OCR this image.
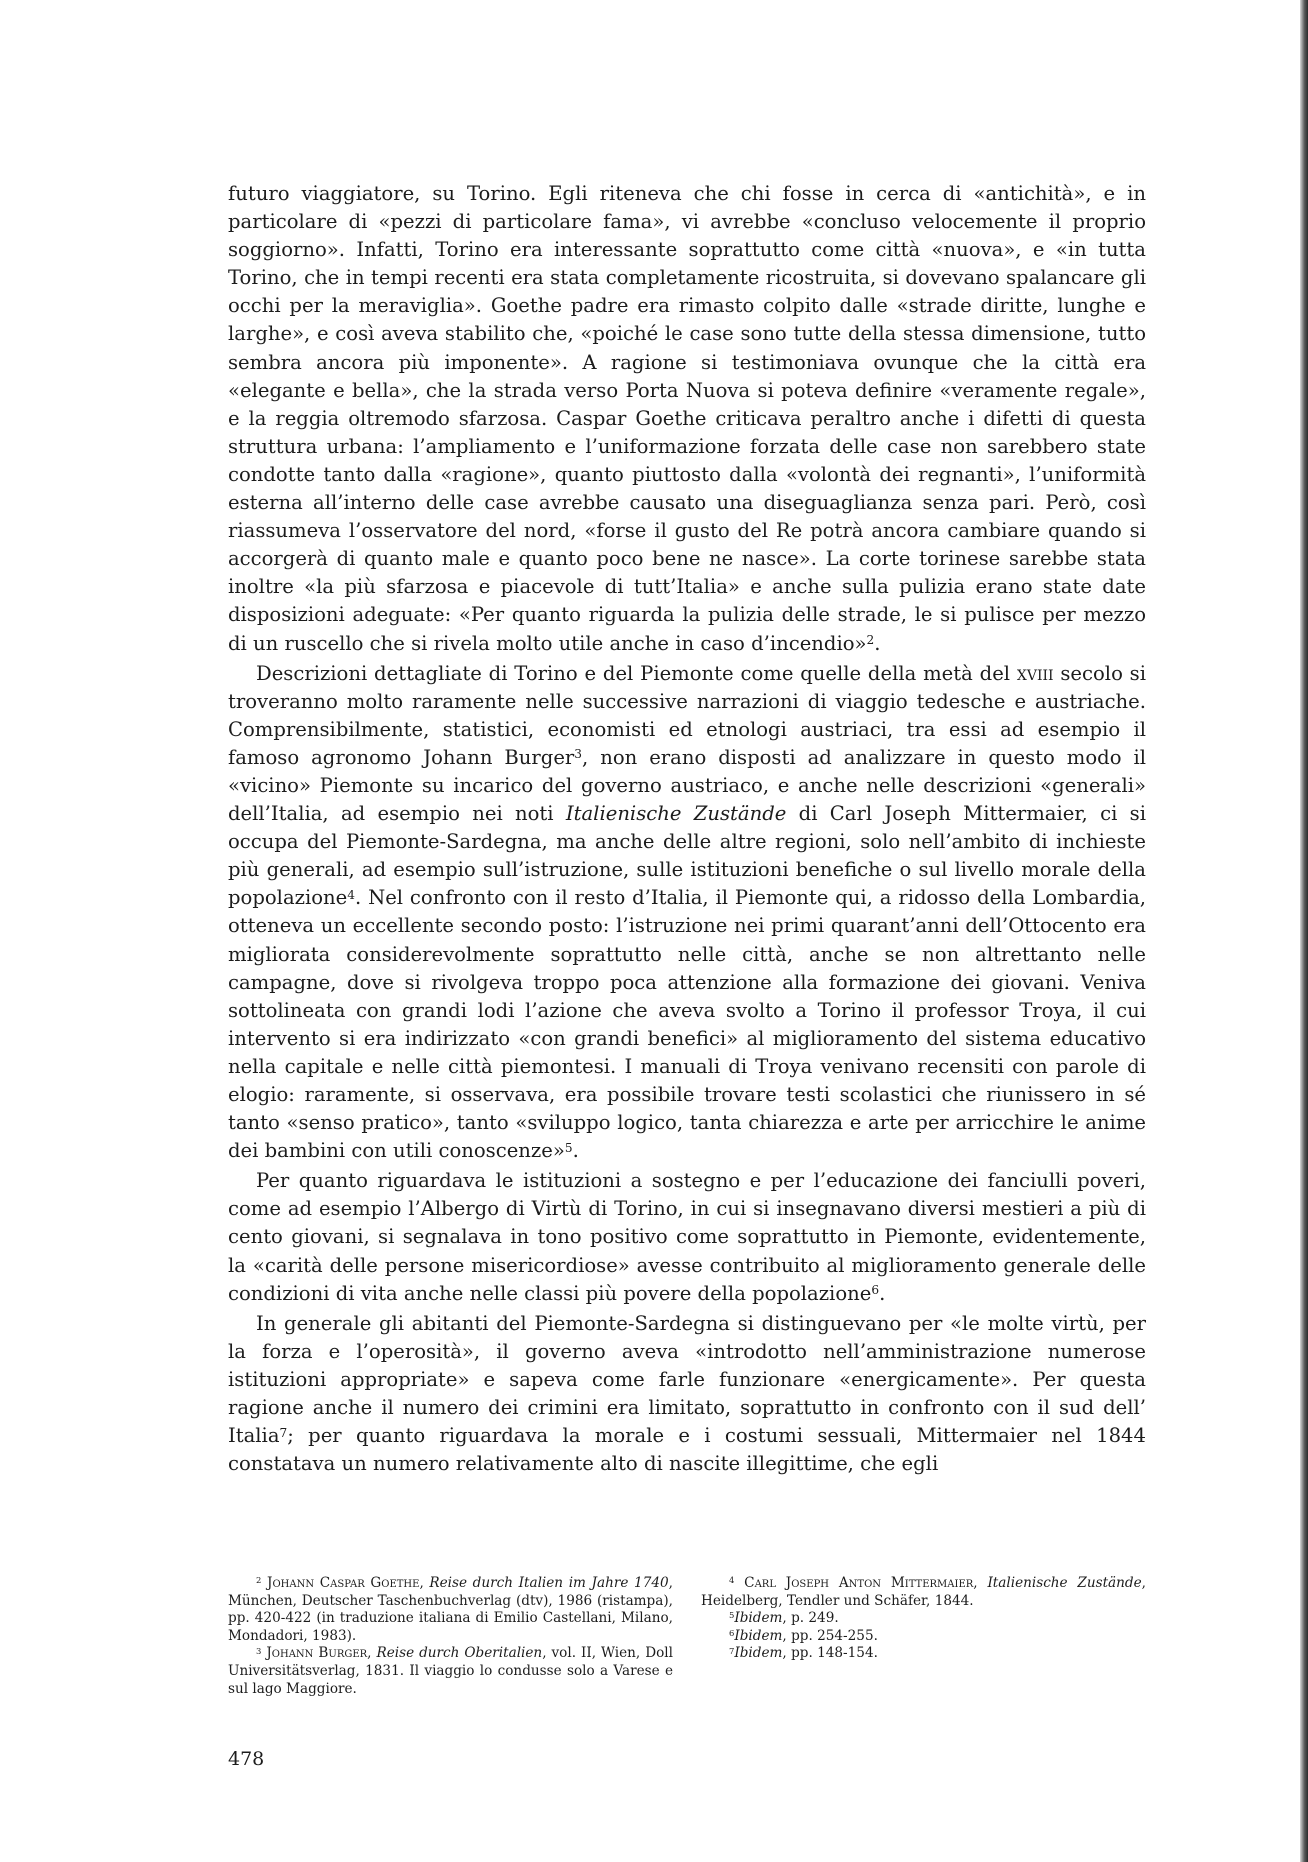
futuro viaggiatore, su Torino. Egli riteneva che chi fosse in cerca di «antichità», e in particolare di «pezzi di particolare fama», vi avrebbe «concluso velocemente il proprio soggiorno». Infatti, Torino era interessante soprattutto come città «nuova», e «in tutta Torino, che in tempi recenti era stata completamente ricostruita, si dovevano spalancare gli occhi per la meraviglia». Goethe padre era rimasto colpito dalle «strade diritte, lunghe e larghe», e così aveva stabilito che, «poiché le case sono tutte della stessa dimensione, tutto sembra ancora più imponente». A ragione si testimoniava ovunque che la città era «elegante e bella», che la strada verso Porta Nuova si poteva definire «veramente regale», e la reggia oltremodo sfarzosa. Caspar Goethe criticava peraltro anche i difetti di questa struttura urbana: l’ampliamento e l’uniformazione forzata delle case non sarebbero state condotte tanto dalla «ragione», quanto piuttosto dalla «volontà dei regnanti», l’uniformità esterna all’interno delle case avrebbe causato una diseguaglianza senza pari. Però, così riassumeva l’osservatore del nord, «forse il gusto del Re potrà ancora cambiare quando si accorgerà di quanto male e quanto poco bene ne nasce». La corte torinese sarebbe stata inoltre «la più sfarzosa e piacevole di tutt’Italia» e anche sulla pulizia erano state date disposizioni adeguate: «Per quanto riguarda la pulizia delle strade, le si pulisce per mezzo di un ruscello che si rivela molto utile anche in caso d’incendio»$^2$.

Descrizioni dettagliate di Torino e del Piemonte come quelle della metà del xviii secolo si troveranno molto raramente nelle successive narrazioni di viaggio tedesche e austriache. Comprensibilmente, statistici, economisti ed etnologi austriaci, tra essi ad esempio il famoso agronomo Johann Burger$^3$, non erano disposti ad analizzare in questo modo il «vicino» Piemonte su incarico del governo austriaco, e anche nelle descrizioni «generali» dell’Italia, ad esempio nei noti Italienische Zustände di Carl Joseph Mittermaier, ci si occupa del Piemonte-Sardegna, ma anche delle altre regioni, solo nell’ambito di inchieste più generali, ad esempio sull’istruzione, sulle istituzioni benefiche o sul livello morale della popolazione$^4$. Nel confronto con il resto d’Italia, il Piemonte qui, a ridosso della Lombardia, otteneva un eccellente secondo posto: l’istruzione nei primi quarant’anni dell’Ottocento era migliorata considerevolmente soprattutto nelle città, anche se non altrettanto nelle campagne, dove si rivolgeva troppo poca attenzione alla formazione dei giovani. Veniva sottolineata con grandi lodi l’azione che aveva svolto a Torino il professor Troya, il cui intervento si era indirizzato «con grandi benefici» al miglioramento del sistema educativo nella capitale e nelle città piemontesi. I manuali di Troya venivano recensiti con parole di elogio: raramente, si osservava, era possibile trovare testi scolastici che riunissero in sé tanto «senso pratico», tanto «sviluppo logico, tanta chiarezza e arte per arricchire le anime dei bambini con utili conoscenze»$^5$.

Per quanto riguardava le istituzioni a sostegno e per l’educazione dei fanciulli poveri, come ad esempio l’Albergo di Virtù di Torino, in cui si insegnavano diversi mestieri a più di cento giovani, si segnalava in tono positivo come soprattutto in Piemonte, evidentemente, la «carità delle persone misericordiose» avesse contribuito al miglioramento generale delle condizioni di vita anche nelle classi più povere della popolazione$^6$.

In generale gli abitanti del Piemonte-Sardegna si distinguevano per «le molte virtù, per la forza e l’operosità», il governo aveva «introdotto nell’amministrazione numerose istituzioni appropriate» e sapeva come farle funzionare «energicamente». Per questa ragione anche il numero dei crimini era limitato, soprattutto in confronto con il sud dell’ Italia$^7$; per quanto riguardava la morale e i costumi sessuali, Mittermaier nel 1844 constatava un numero relativamente alto di nascite illegittime, che egli

$^2$ Johann Caspar Goethe, Reise durch Italien im Jahre 1740, München, Deutscher Taschenbuchverlag (dtv), 1986 (ristampa), pp. 420-422 (in traduzione italiana di Emilio Castellani, Milano, Mondadori, 1983).

$^3$ Johann Burger, Reise durch Oberitalien, vol. II, Wien, Doll Universitätsverlag, 1831. Il viaggio lo condusse solo a Varese e sul lago Maggiore.

$^4$ Carl Joseph Anton Mittermaier, Italienische Zustände, Heidelberg, Tendler und Schäfer, 1844.

$^5$Ibidem, p. 249.

$^6$Ibidem, pp. 254-255.

$^7$Ibidem, pp. 148-154.

478
